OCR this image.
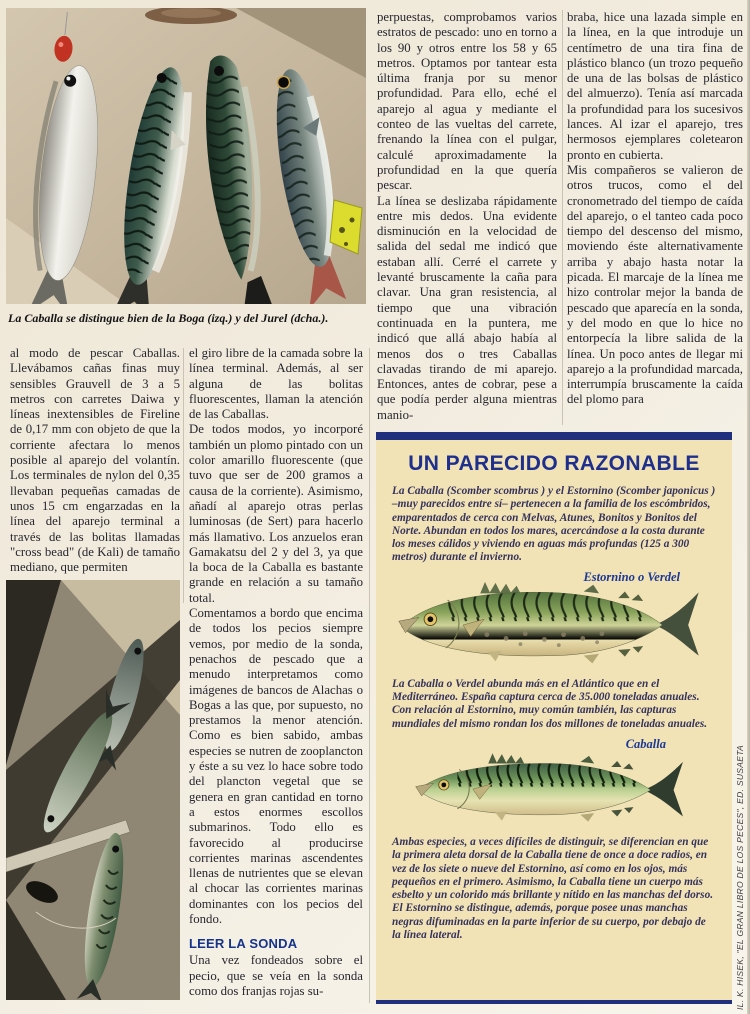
La Caballa se distingue bien de la Boga (izq.) y del Jurel (dcha.).

al modo de pescar Caballas. Llevábamos cañas finas muy sensibles Grauvell de 3 a 5 metros con carretes Daiwa y líneas inextensibles de Fireline de 0,17 mm con objeto de que la corriente afectara lo menos posible al aparejo del volantín. Los terminales de nylon del 0,35 llevaban pequeñas camadas de unos 15 cm engarzadas en la línea del aparejo terminal a través de las bolitas llamadas "cross bead" (de Kali) de tamaño mediano, que permiten

el giro libre de la camada sobre la línea terminal. Además, al ser alguna de las bolitas fluorescentes, llaman la atención de las Caballas.

De todos modos, yo incorporé también un plomo pintado con un color amarillo fluorescente (que tuvo que ser de 200 gramos a causa de la corriente). Asimismo, añadí al aparejo otras perlas luminosas (de Sert) para hacerlo más llamativo. Los anzuelos eran Gamakatsu del 2 y del 3, ya que la boca de la Caballa es bastante grande en relación a su tamaño total.

Comentamos a bordo que encima de todos los pecios siempre vemos, por medio de la sonda, penachos de pescado que a menudo interpretamos como imágenes de bancos de Alachas o Bogas a las que, por supuesto, no prestamos la menor atención. Como es bien sabido, ambas especies se nutren de zooplancton y éste a su vez lo hace sobre todo del plancton vegetal que se genera en gran cantidad en torno a estos enormes escollos submarinos. Todo ello es favorecido al producirse corrientes marinas ascendentes llenas de nutrientes que se elevan al chocar las corrientes marinas dominantes con los pecios del fondo.

LEER LA SONDA

Una vez fondeados sobre el pecio, que se veía en la sonda como dos franjas rojas su-

perpuestas, comprobamos varios estratos de pescado: uno en torno a los 90 y otros entre los 58 y 65 metros. Optamos por tantear esta última franja por su menor profundidad. Para ello, eché el aparejo al agua y mediante el conteo de las vueltas del carrete, frenando la línea con el pulgar, calculé aproximadamente la profundidad en la que quería pescar.

La línea se deslizaba rápidamente entre mis dedos. Una evidente disminución en la velocidad de salida del sedal me indicó que estaban allí. Cerré el carrete y levanté bruscamente la caña para clavar. Una gran resistencia, al tiempo que una vibración continuada en la puntera, me indicó que allá abajo había al menos dos o tres Caballas clavadas tirando de mi aparejo. Entonces, antes de cobrar, pese a que podía perder alguna mientras manio-

braba, hice una lazada simple en la línea, en la que introduje un centímetro de una tira fina de plástico blanco (un trozo pequeño de una de las bolsas de plástico del almuerzo). Tenía así marcada la profundidad para los sucesivos lances. Al izar el aparejo, tres hermosos ejemplares coletearon pronto en cubierta.

Mis compañeros se valieron de otros trucos, como el del cronometrado del tiempo de caída del aparejo, o el tanteo cada poco tiempo del descenso del mismo, moviendo éste alternativamente arriba y abajo hasta notar la picada. El marcaje de la línea me hizo controlar mejor la banda de pescado que aparecía en la sonda, y del modo en que lo hice no entorpecía la libre salida de la línea. Un poco antes de llegar mi aparejo a la profundidad marcada, interrumpía bruscamente la caída del plomo para

UN PARECIDO RAZONABLE

La Caballa (Scomber scombrus ) y el Estornino (Scomber japonicus ) –muy parecidos entre sí– pertenecen a la familia de los escómbridos, emparentados de cerca con Melvas, Atunes, Bonitos y Bonitos del Norte. Abundan en todos los mares, acercándose a la costa durante los meses cálidos y viviendo en aguas más profundas (125 a 300 metros) durante el invierno.

Estornino o Verdel

La Caballa o Verdel abunda más en el Atlántico que en el Mediterráneo. España captura cerca de 35.000 toneladas anuales. Con relación al Estornino, muy común también, las capturas mundiales del mismo rondan los dos millones de toneladas anuales.

Caballa

Ambas especies, a veces difíciles de distinguir, se diferencian en que la primera aleta dorsal de la Caballa tiene de once a doce radios, en vez de los siete o nueve del Estornino, así como en los ojos, más pequeños en el primero. Asimismo, la Caballa tiene un cuerpo más esbelto y un colorido más brillante y nítido en las manchas del dorso. El Estornino se distingue, además, porque posee unas manchas negras difuminadas en la parte inferior de su cuerpo, por debajo de la línea lateral.	IL. K. HISEK, "EL GRAN LIBRO DE LOS PECES", ED. SUSAETA
